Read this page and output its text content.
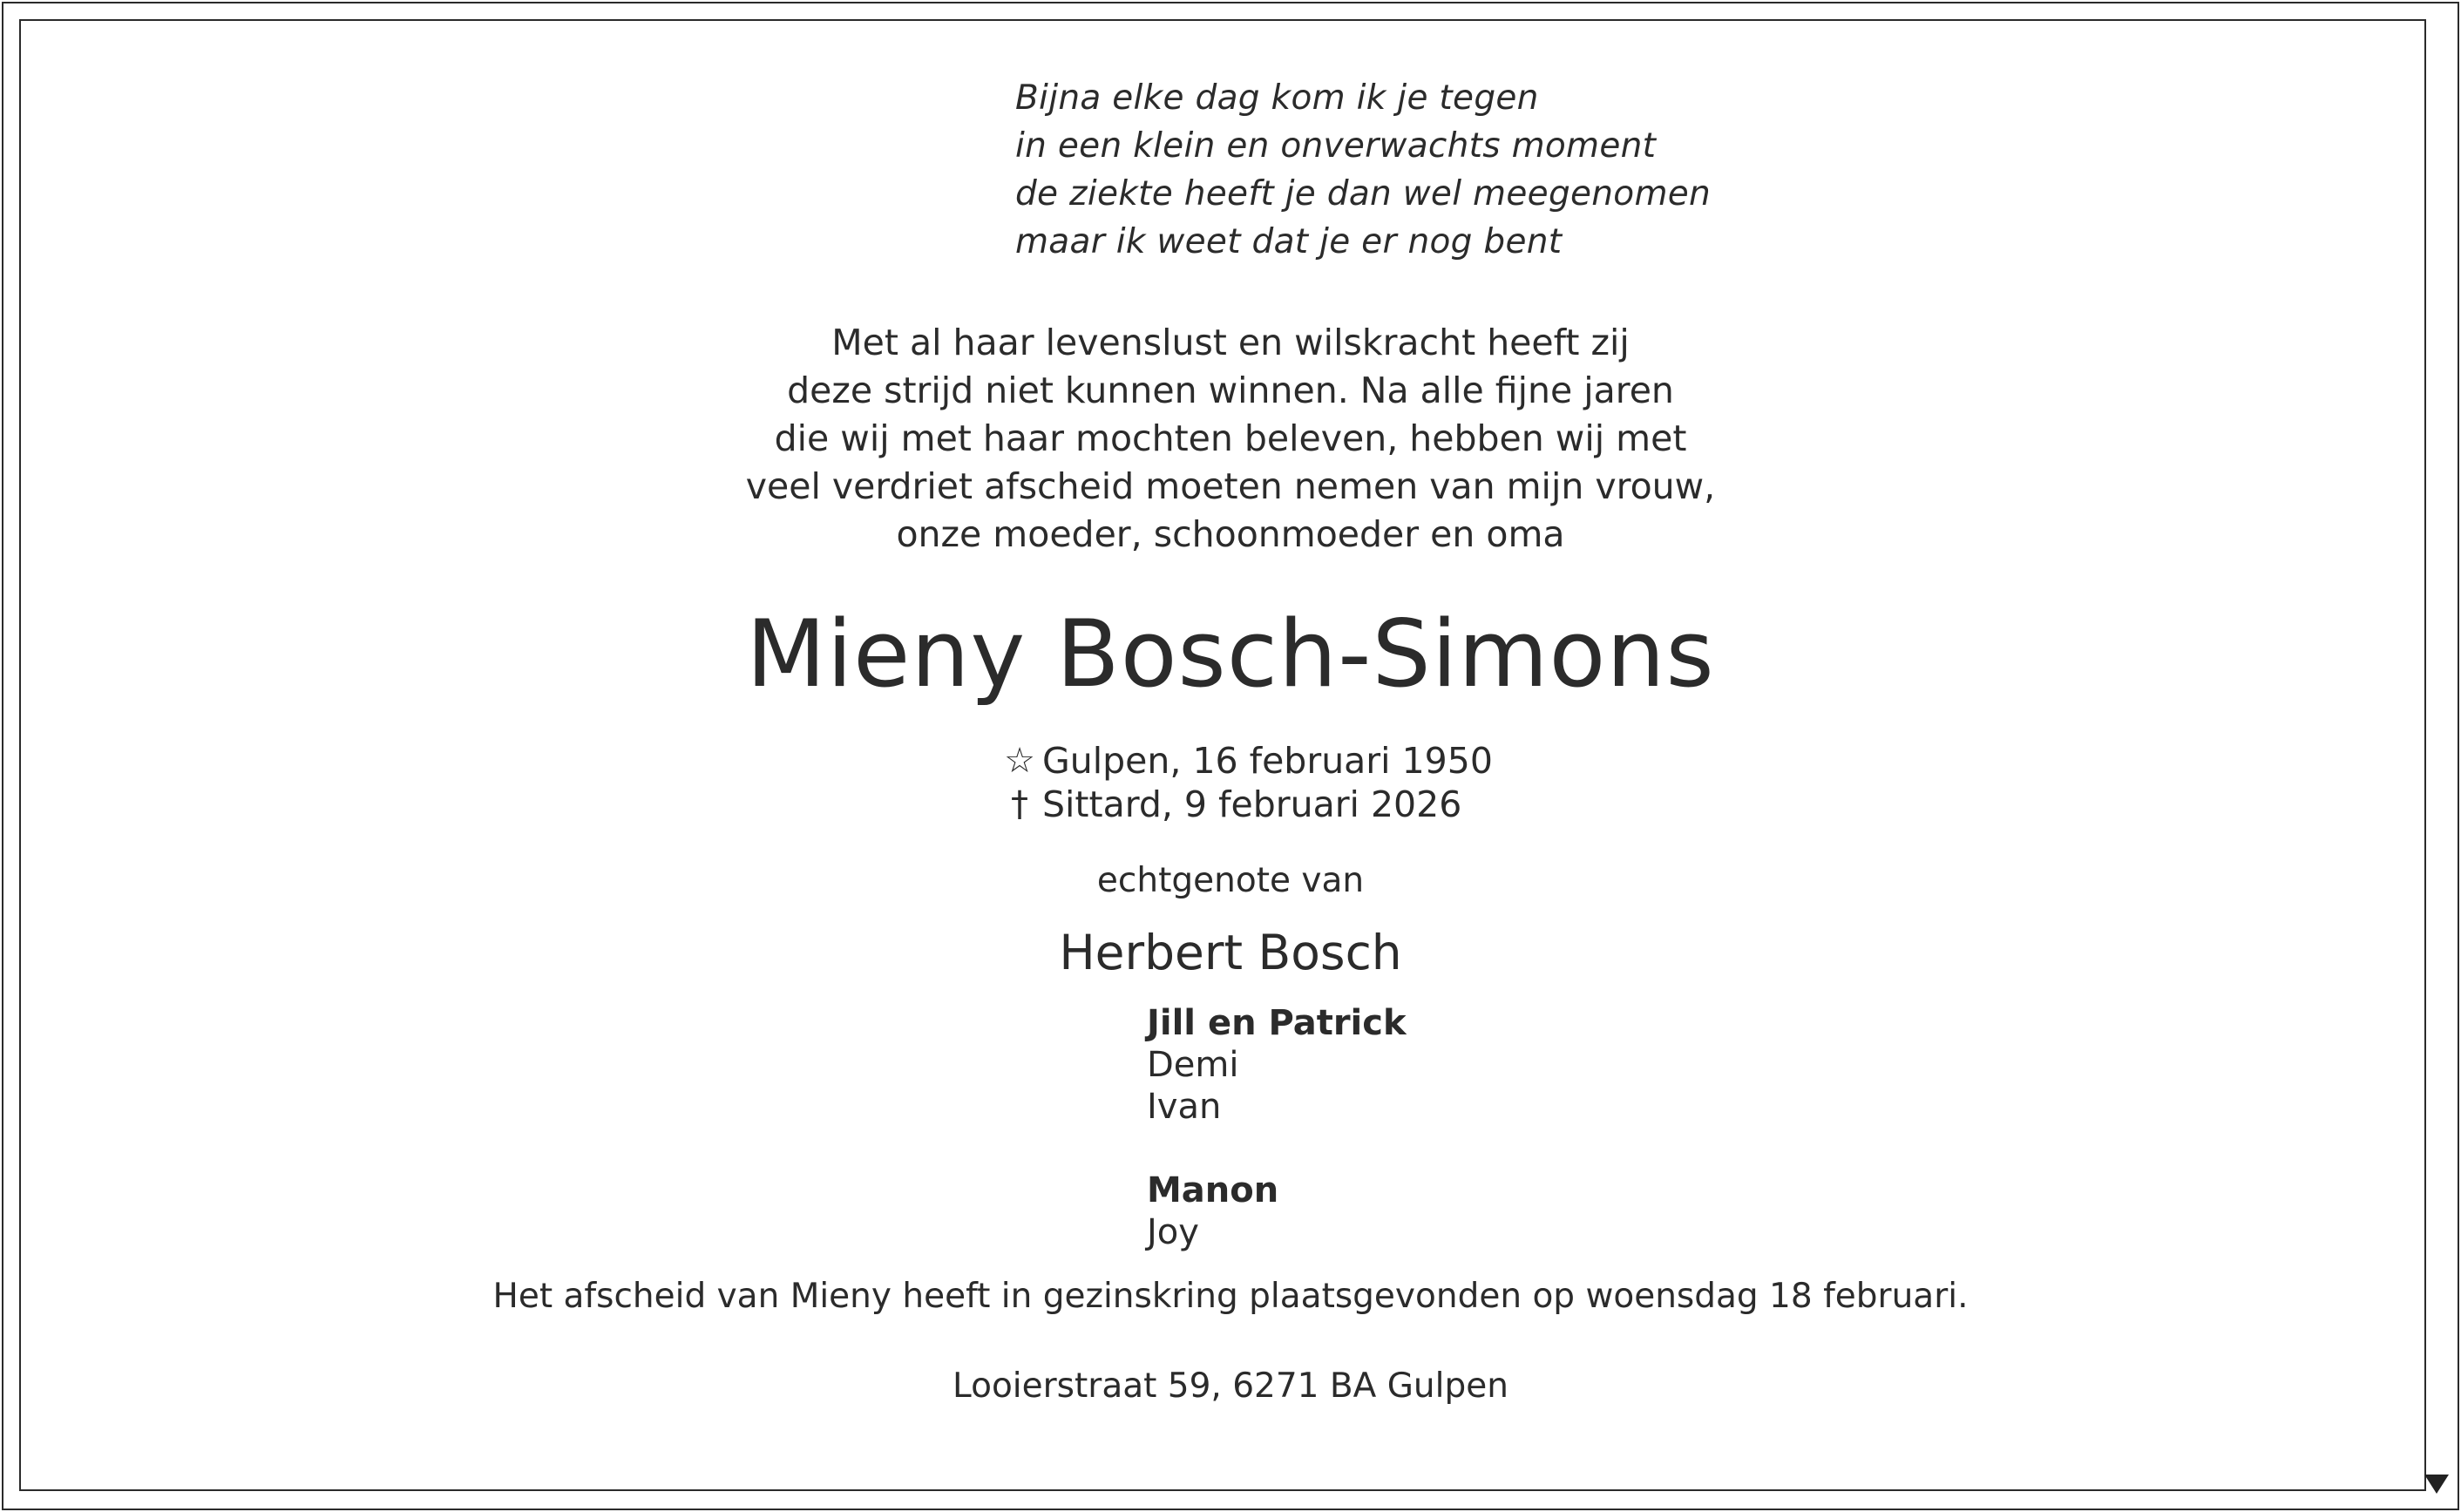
Bijna elke dag kom ik je tegen
in een klein en onverwachts moment
de ziekte heeft je dan wel meegenomen
maar ik weet dat je er nog bent
Met al haar levenslust en wilskracht heeft zij
deze strijd niet kunnen winnen. Na alle fijne jaren
die wij met haar mochten beleven, hebben wij met
veel verdriet afscheid moeten nemen van mijn vrouw,
onze moeder, schoonmoeder en oma
Mieny Bosch-Simons
☆ Gulpen, 16 februari 1950
† Sittard, 9 februari 2026
echtgenote van
Herbert Bosch
Jill en Patrick
Demi
Ivan
Manon
Joy
Het afscheid van Mieny heeft in gezinskring plaatsgevonden op woensdag 18 februari.
Looierstraat 59, 6271 BA Gulpen
